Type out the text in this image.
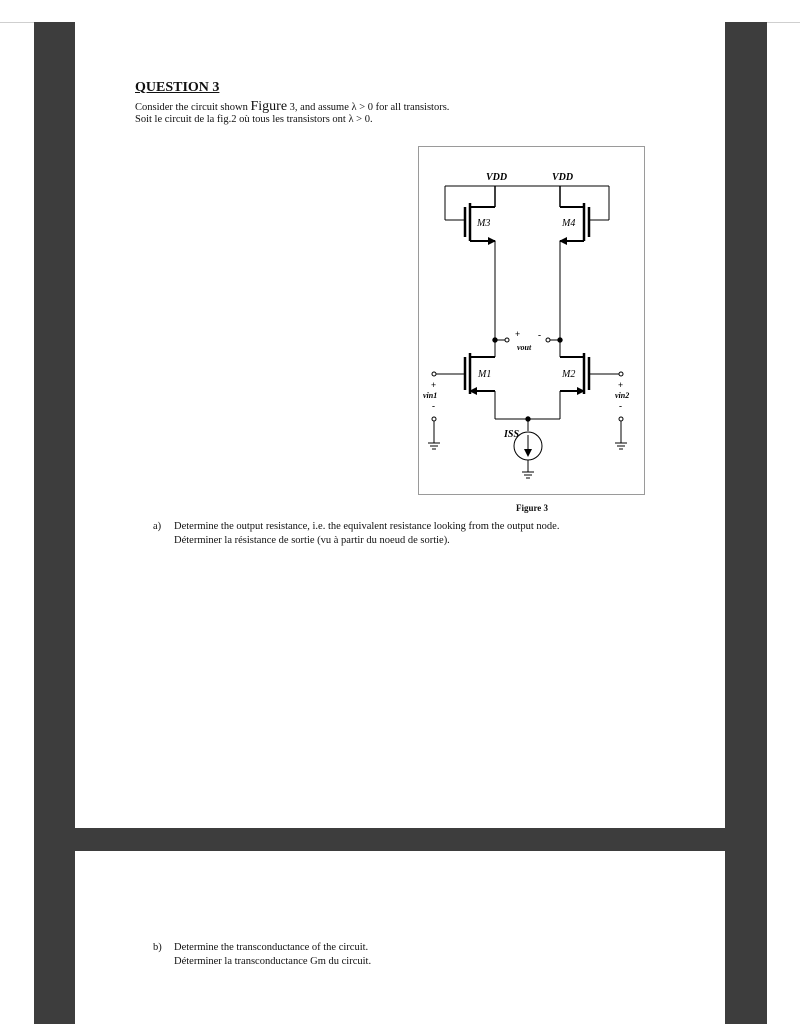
QUESTION 3
Consider the circuit shown Figure 3, and assume λ > 0 for all transistors.
Soit le circuit de la fig.2 où tous les transistors ont λ > 0.
VDD	VDD
ISS
vout
vin1	vin2
M3	M4
M1	M2
+ -
+
-
+
-
Figure 3
a) Determine the output resistance, i.e. the equivalent resistance looking from the output node.
Déterminer la résistance de sortie (vu à partir du noeud de sortie).
b) Determine the transconductance of the circuit.
Déterminer la transconductance Gm du circuit.
